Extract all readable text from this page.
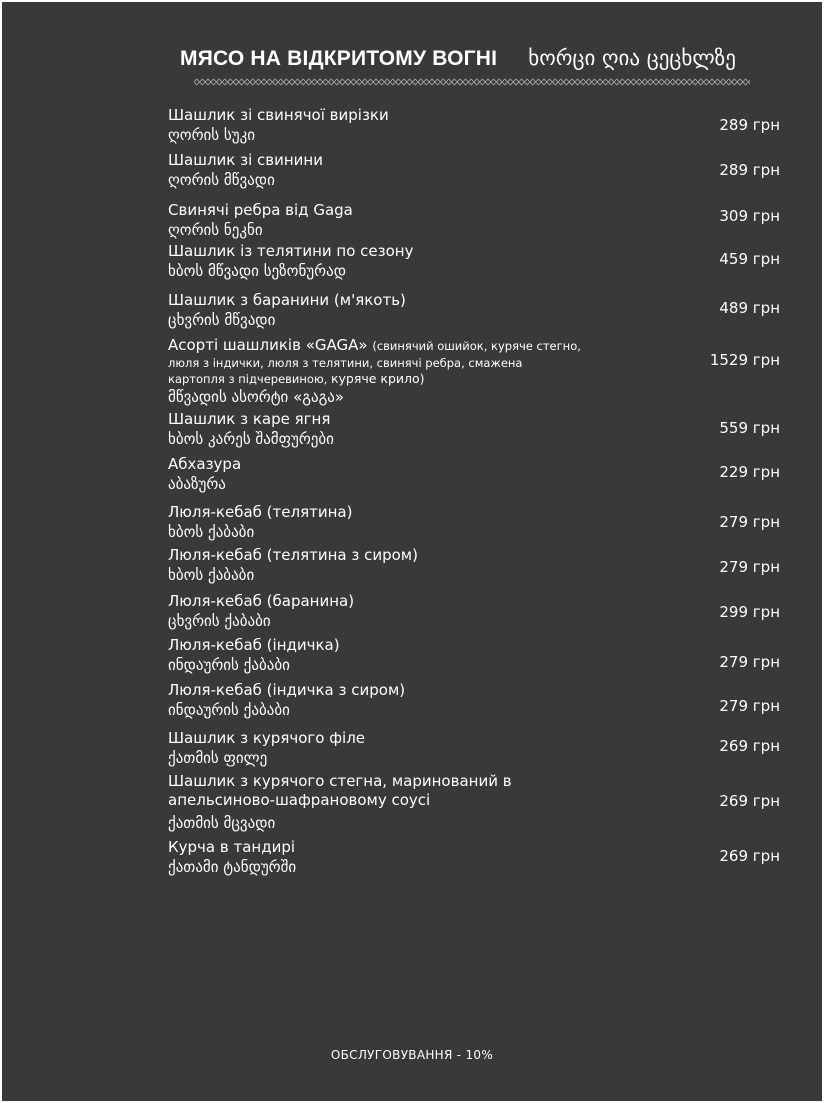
МЯСО НА ВІДКРИТОМУ ВОГНІ ხორცი ღია ცეცხლზე
Шашлик зі свинячої вирізки
ღორის სუკი
289 грн
Шашлик зі свинини
ღორის მწვადი
289 грн
Свинячі ребра від Gaga
ღორის ნეკნი
309 грн
Шашлик із телятини по сезону
ხბოს მწვადი სეზონურად
459 грн
Шашлик з баранини (м'якоть)
ცხვრის მწვადი
489 грн
Асорті шашликів «GAGA» (свинячий ошийок, куряче стегно,
люля з індички, люля з телятини, свинячі ребра, смажена
картопля з підчеревиною, куряче крило)
მწვადის ასორტი «გაგა»
1529 грн
Шашлик з каре ягня
ხბოს კარეს შამფურები
559 грн
Абхазура
აბაზურა
229 грн
Люля-кебаб (телятина)
ხბოს ქაბაბი
279 грн
Люля-кебаб (телятина з сиром)
ხბოს ქაბაბი	279 грн
Люля-кебаб (баранина)
ცხვრის ქაბაბი	299 грн
Люля-кебаб (індичка)
ინდაურის ქაბაბი	279 грн
Люля-кебаб (індичка з сиром)
ინდაურის ქაბაბი	279 грн
Шашлик з курячого філе
ქათმის ფილე
269 грн
Шашлик з курячого стегна, маринований в
апельсиново-шафрановому соусі
ქათმის მცვადი
269 грн
Курча в тандирі
ქათამი ტანდურში
269 грн
ОБСЛУГОВУВАННЯ - 10%
